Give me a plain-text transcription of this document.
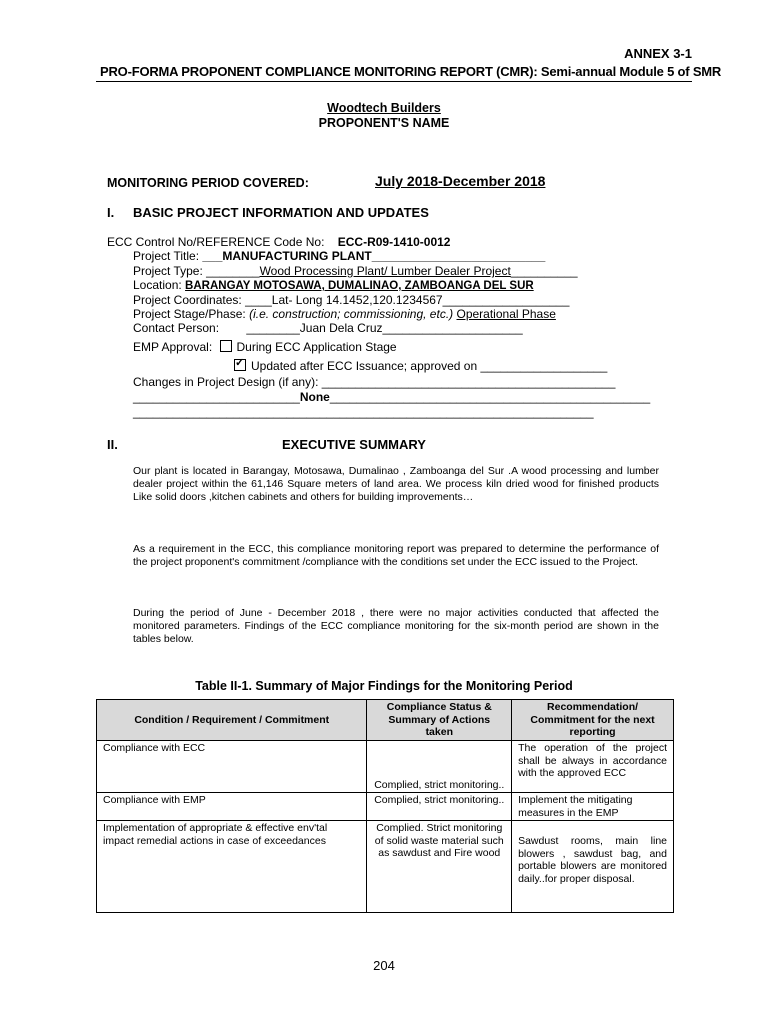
ANNEX 3-1
PRO-FORMA PROPONENT COMPLIANCE MONITORING REPORT (CMR): Semi-annual Module 5 of SMR
Woodtech Builders
PROPONENT'S NAME
MONITORING PERIOD COVERED:	July 2018-December 2018
I. BASIC PROJECT INFORMATION AND UPDATES
ECC Control No/REFERENCE Code No: ECC-R09-1410-0012
Project Title: ___MANUFACTURING PLANT__________________________
Project Type: ________Wood Processing Plant/ Lumber Dealer Project__________
Location: BARANGAY MOTOSAWA, DUMALINAO, ZAMBOANGA DEL SUR
Project Coordinates: ____Lat- Long 14.1452,120.1234567___________________
Project Stage/Phase: (i.e. construction; commissioning, etc.) Operational Phase
Contact Person: ________Juan Dela Cruz_____________________
EMP Approval: During ECC Application Stage
✓Updated after ECC Issuance; approved on ___________________
Changes in Project Design (if any): ____________________________________________
_________________________None________________________________________________
_____________________________________________________________________
II.	EXECUTIVE SUMMARY
Our plant is located in Barangay, Motosawa, Dumalinao , Zamboanga del Sur .A wood processing and lumber dealer project within the 61,146 Square meters of land area. We process kiln dried wood for finished products Like solid doors ,kitchen cabinets and others for building improvements…
As a requirement in the ECC, this compliance monitoring report was prepared to determine the performance of the project proponent's commitment /compliance with the conditions set under the ECC issued to the Project.
During the period of June - December 2018 , there were no major activities conducted that affected the monitored parameters. Findings of the ECC compliance monitoring for the six-month period are shown in the tables below.
Table II-1. Summary of Major Findings for the Monitoring Period
Condition / Requirement / Commitment	Compliance Status & Summary of Actions taken	Recommendation/ Commitment for the next reporting
Compliance with ECC	Complied, strict monitoring..	The operation of the project shall be always in accordance with the approved ECC
Compliance with EMP	Complied, strict monitoring..	Implement the mitigating measures in the EMP
Implementation of appropriate & effective env'tal impact remedial actions in case of exceedances	Complied. Strict monitoring of solid waste material such as sawdust and Fire wood	Sawdust rooms, main line blowers , sawdust bag, and portable blowers are monitored daily..for proper disposal.
204
